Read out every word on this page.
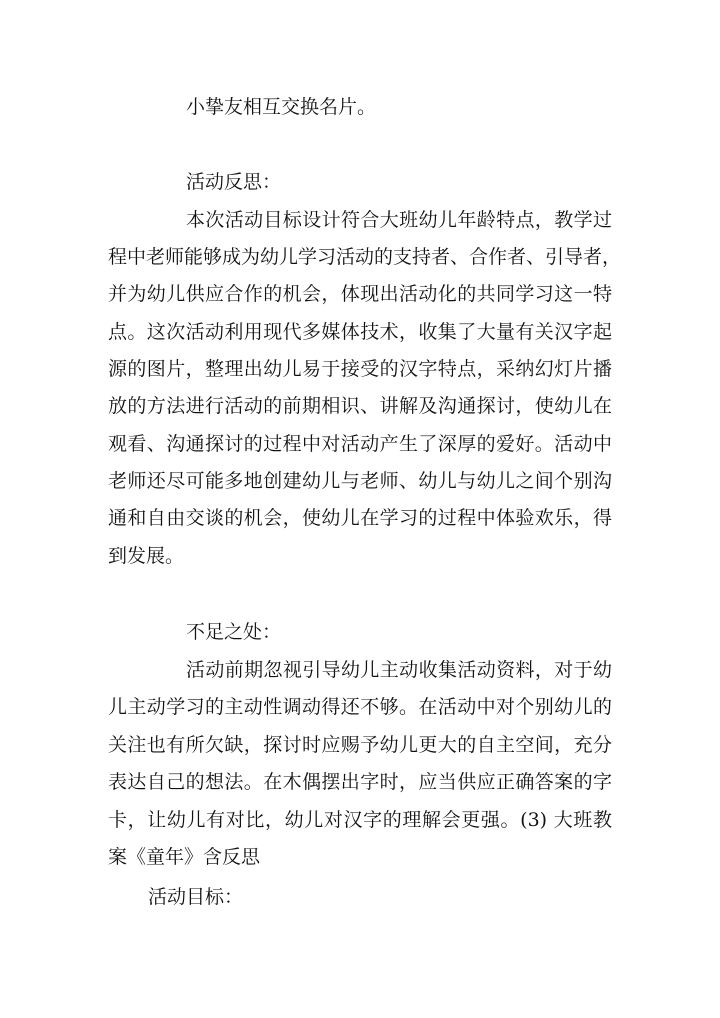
小挚友相互交换名片。
活动反思：
本次活动目标设计符合大班幼儿年龄特点，教学过
程中老师能够成为幼儿学习活动的支持者、合作者、引导者，
并为幼儿供应合作的机会，体现出活动化的共同学习这一特
点。这次活动利用现代多媒体技术，收集了大量有关汉字起
源的图片，整理出幼儿易于接受的汉字特点，采纳幻灯片播
放的方法进行活动的前期相识、讲解及沟通探讨，使幼儿在
观看、沟通探讨的过程中对活动产生了深厚的爱好。活动中
老师还尽可能多地创建幼儿与老师、幼儿与幼儿之间个别沟
通和自由交谈的机会，使幼儿在学习的过程中体验欢乐，得
到发展。
不足之处：
活动前期忽视引导幼儿主动收集活动资料，对于幼
儿主动学习的主动性调动得还不够。在活动中对个别幼儿的
关注也有所欠缺，探讨时应赐予幼儿更大的自主空间，充分
表达自己的想法。在木偶摆出字时，应当供应正确答案的字
卡，让幼儿有对比，幼儿对汉字的理解会更强。(3) 大班教
案《童年》含反思
活动目标：
